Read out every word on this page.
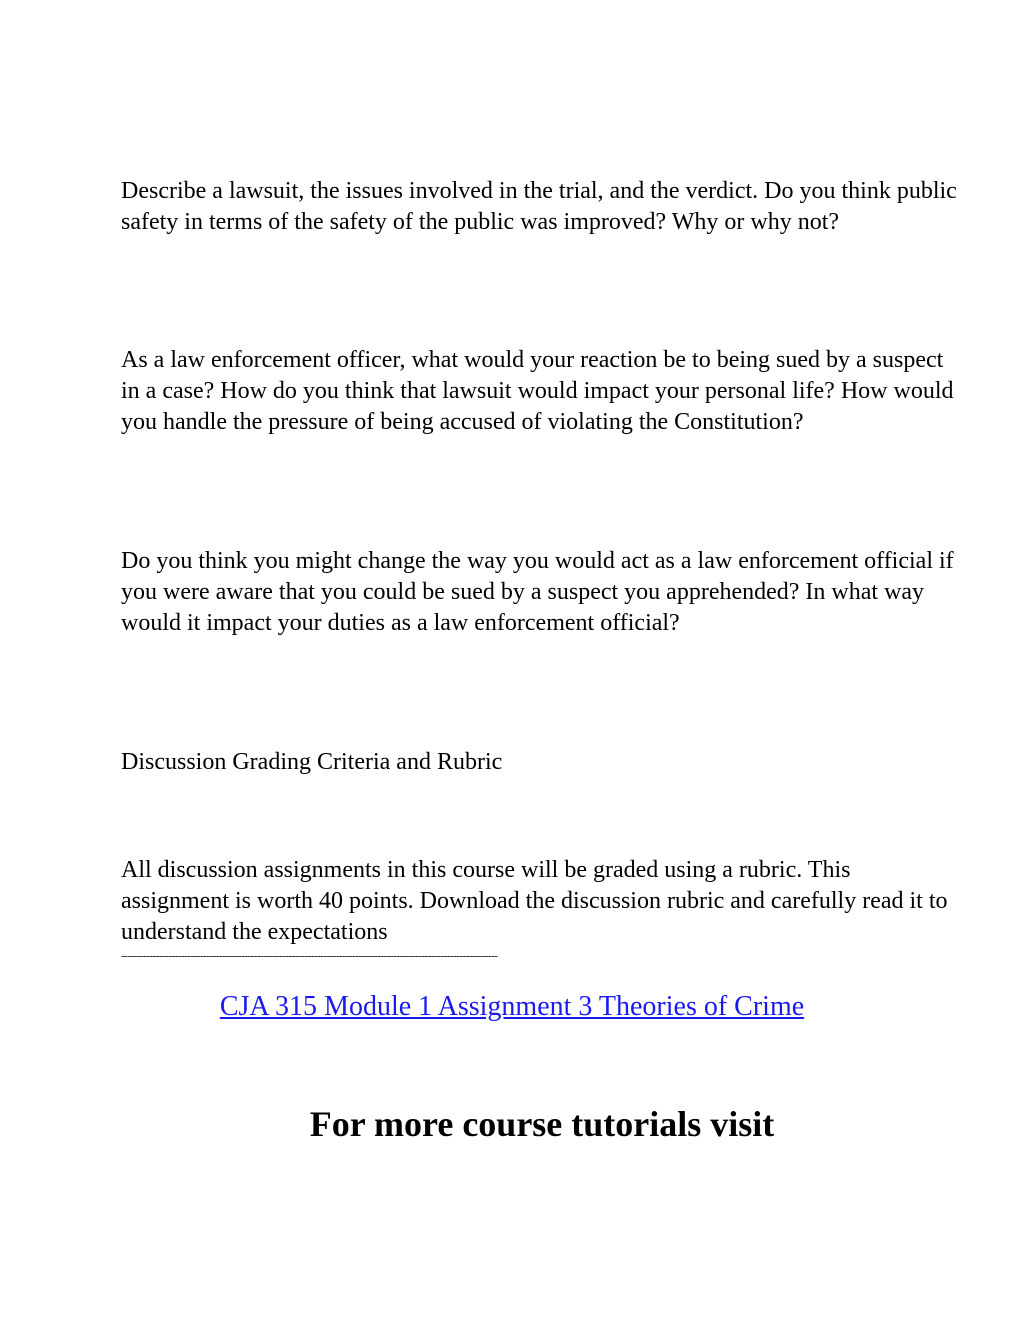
Describe a lawsuit, the issues involved in the trial, and the verdict. Do you think public safety in terms of the safety of the public was improved? Why or why not?

As a law enforcement officer, what would your reaction be to being sued by a suspect in a case? How do you think that lawsuit would impact your personal life? How would you handle the pressure of being accused of violating the Constitution?

Do you think you might change the way you would act as a law enforcement official if you were aware that you could be sued by a suspect you apprehended? In what way would it impact your duties as a law enforcement official?

Discussion Grading Criteria and Rubric

All discussion assignments in this course will be graded using a rubric. This assignment is worth 40 points. Download the discussion rubric and carefully read it to understand the expectations

-----------------------------------------------------------------------------------------------------------------------
CJA 315 Module 1 Assignment 3 Theories of Crime
For more course tutorials visit
